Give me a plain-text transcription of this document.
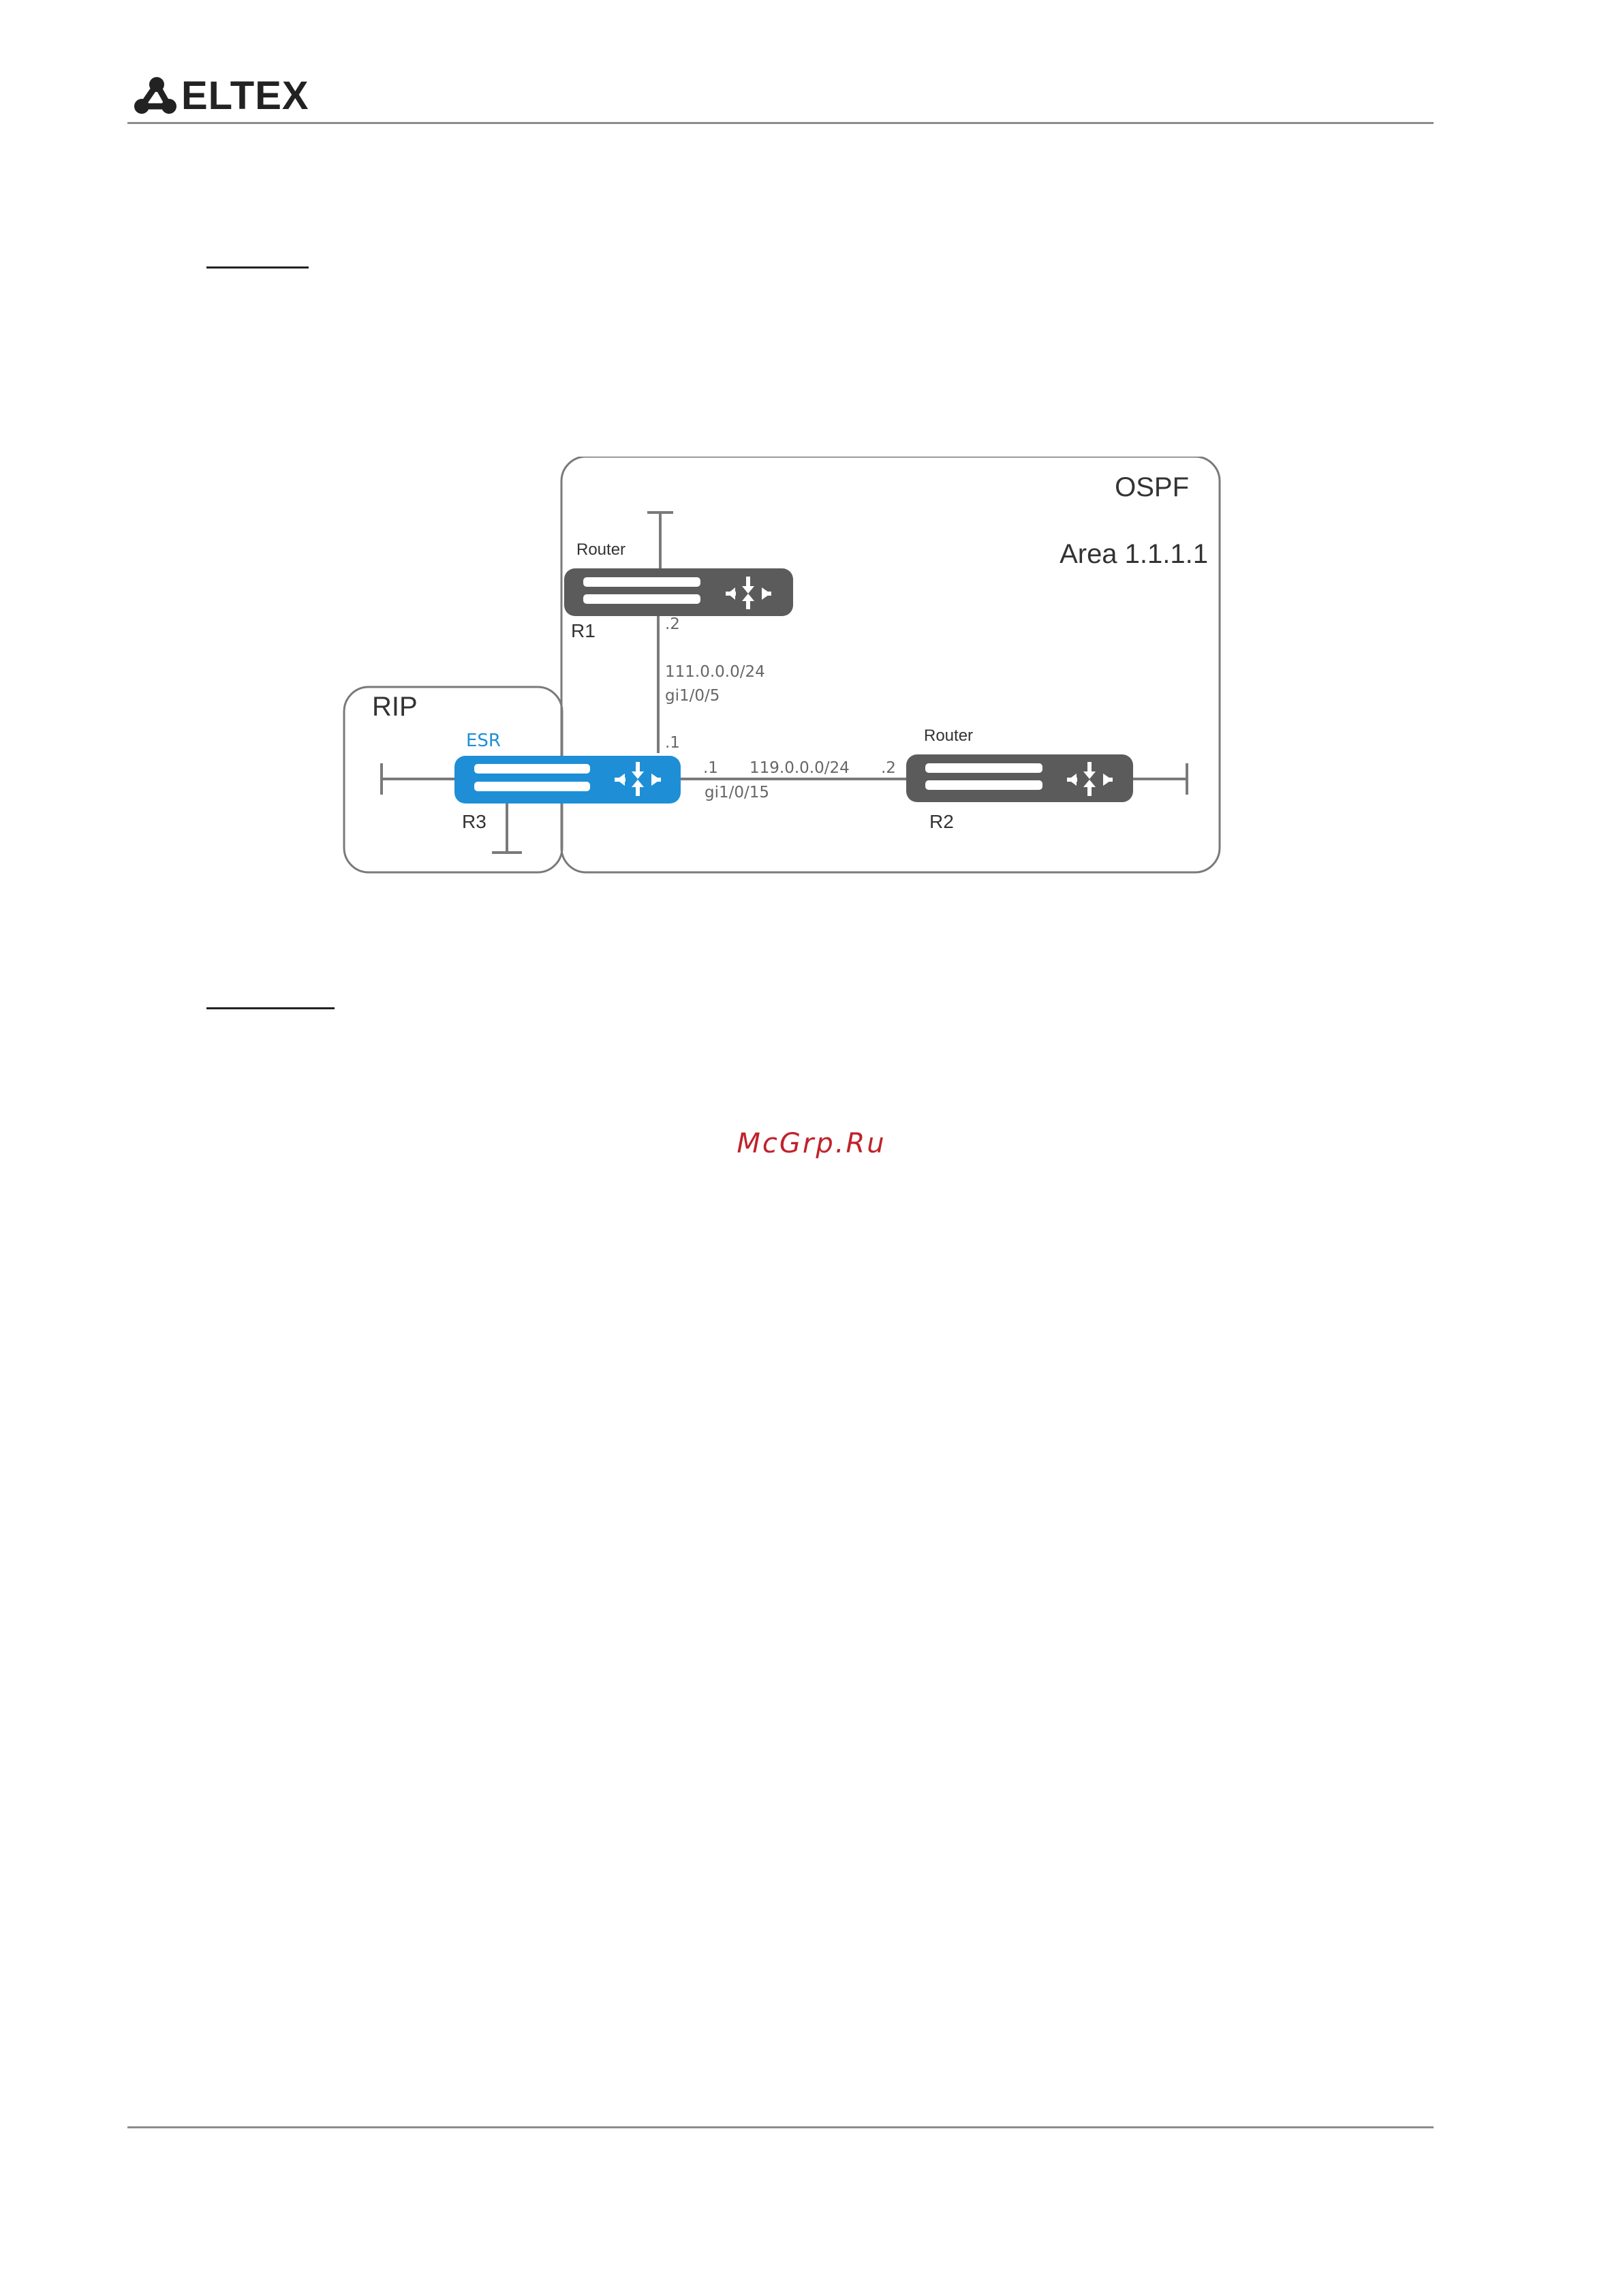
ELTEX
OSPF
Area 1.1.1.1
RIP
Router
R1
ESR
R3
Router
R2
.2
111.0.0.0/24
gi1/0/5
.1
.1 119.0.0.0/24 .2
gi1/0/15
McGrp.Ru
